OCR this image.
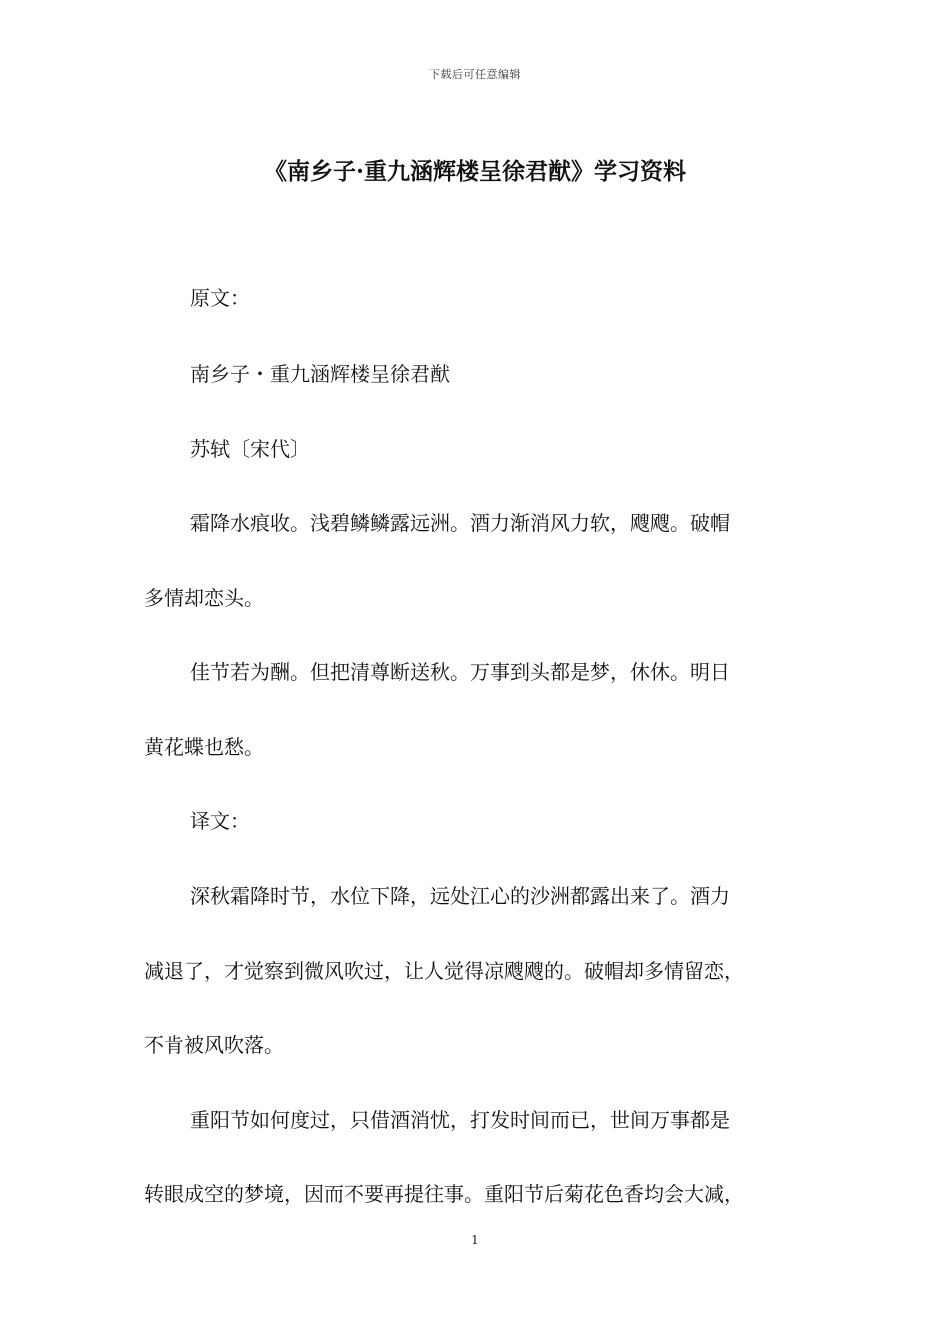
下载后可任意编辑
《南乡子·重九涵辉楼呈徐君猷》学习资料

原文：

南乡子・重九涵辉楼呈徐君猷

苏轼〔宋代〕

霜降水痕收。浅碧鳞鳞露远洲。酒力渐消风力软，飕飕。破帽

多情却恋头。

佳节若为酬。但把清尊断送秋。万事到头都是梦，休休。明日

黄花蝶也愁。

译文：

深秋霜降时节，水位下降，远处江心的沙洲都露出来了。酒力

减退了，才觉察到微风吹过，让人觉得凉飕飕的。破帽却多情留恋，

不肯被风吹落。

重阳节如何度过，只借酒消忧，打发时间而已，世间万事都是

转眼成空的梦境，因而不要再提往事。重阳节后菊花色香均会大减，

1
